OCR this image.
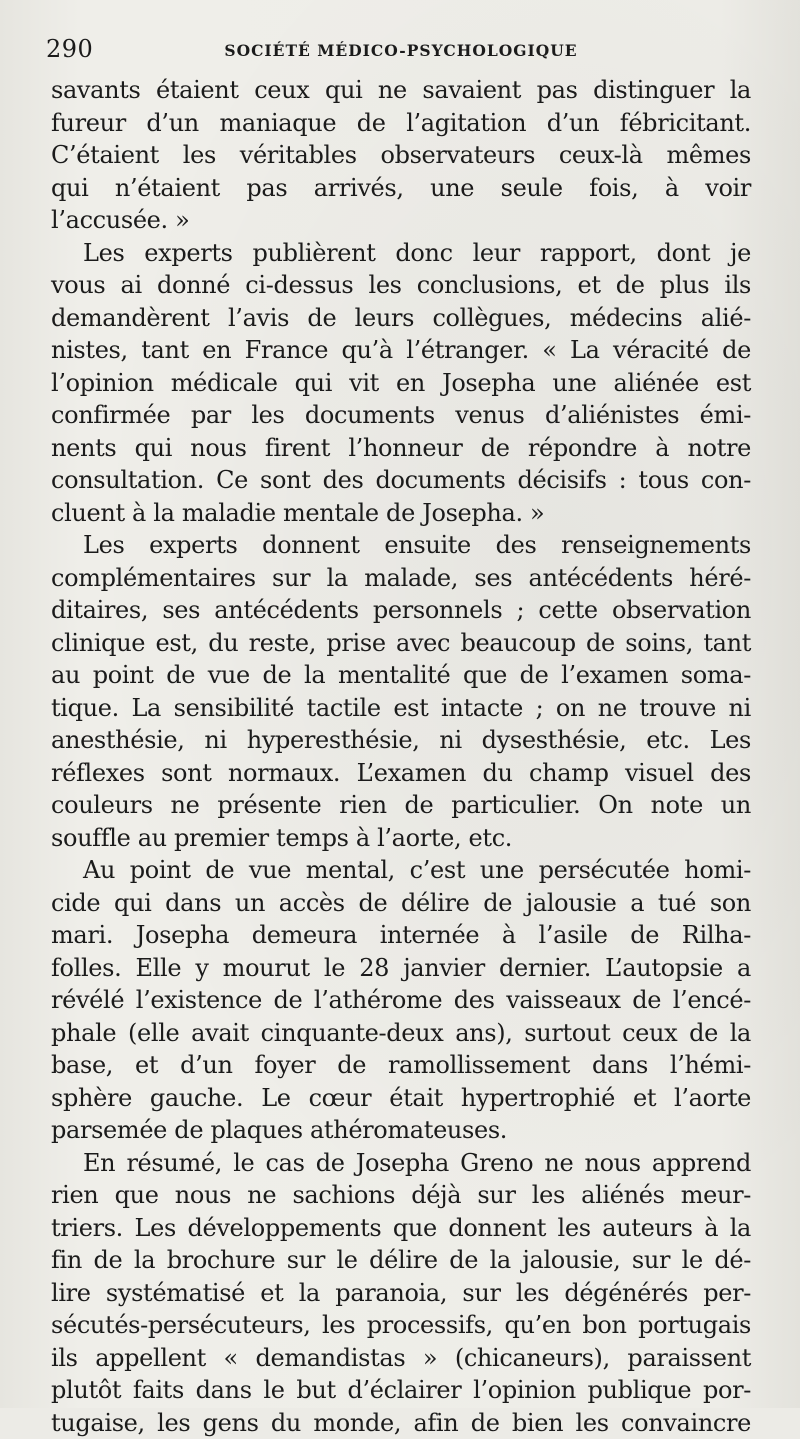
290	SOCIÉTÉ MÉDICO-PSYCHOLOGIQUE
savants étaient ceux qui ne savaient pas distinguer la
fureur d’un maniaque de l’agitation d’un fébricitant.
C’étaient les véritables observateurs ceux-là mêmes
qui n’étaient pas arrivés, une seule fois, à voir
l’accusée. »
Les experts publièrent donc leur rapport, dont je
vous ai donné ci-dessus les conclusions, et de plus ils
demandèrent l’avis de leurs collègues, médecins alié-
nistes, tant en France qu’à l’étranger. « La véracité de
l’opinion médicale qui vit en Josepha une aliénée est
confirmée par les documents venus d’aliénistes émi-
nents qui nous firent l’honneur de répondre à notre
consultation. Ce sont des documents décisifs : tous con-
cluent à la maladie mentale de Josepha. »
Les experts donnent ensuite des renseignements
complémentaires sur la malade, ses antécédents héré-
ditaires, ses antécédents personnels ; cette observation
clinique est, du reste, prise avec beaucoup de soins, tant
au point de vue de la mentalité que de l’examen soma-
tique. La sensibilité tactile est intacte ; on ne trouve ni
anesthésie, ni hyperesthésie, ni dysesthésie, etc. Les
réflexes sont normaux. L’examen du champ visuel des
couleurs ne présente rien de particulier. On note un
souffle au premier temps à l’aorte, etc.
Au point de vue mental, c’est une persécutée homi-
cide qui dans un accès de délire de jalousie a tué son
mari. Josepha demeura internée à l’asile de Rilha-
folles. Elle y mourut le 28 janvier dernier. L’autopsie a
révélé l’existence de l’athérome des vaisseaux de l’encé-
phale (elle avait cinquante-deux ans), surtout ceux de la
base, et d’un foyer de ramollissement dans l’hémi-
sphère gauche. Le cœur était hypertrophié et l’aorte
parsemée de plaques athéromateuses.
En résumé, le cas de Josepha Greno ne nous apprend
rien que nous ne sachions déjà sur les aliénés meur-
triers. Les développements que donnent les auteurs à la
fin de la brochure sur le délire de la jalousie, sur le dé-
lire systématisé et la paranoia, sur les dégénérés per-
sécutés-persécuteurs, les processifs, qu’en bon portugais
ils appellent « demandistas » (chicaneurs), paraissent
plutôt faits dans le but d’éclairer l’opinion publique por-
tugaise, les gens du monde, afin de bien les convaincre
